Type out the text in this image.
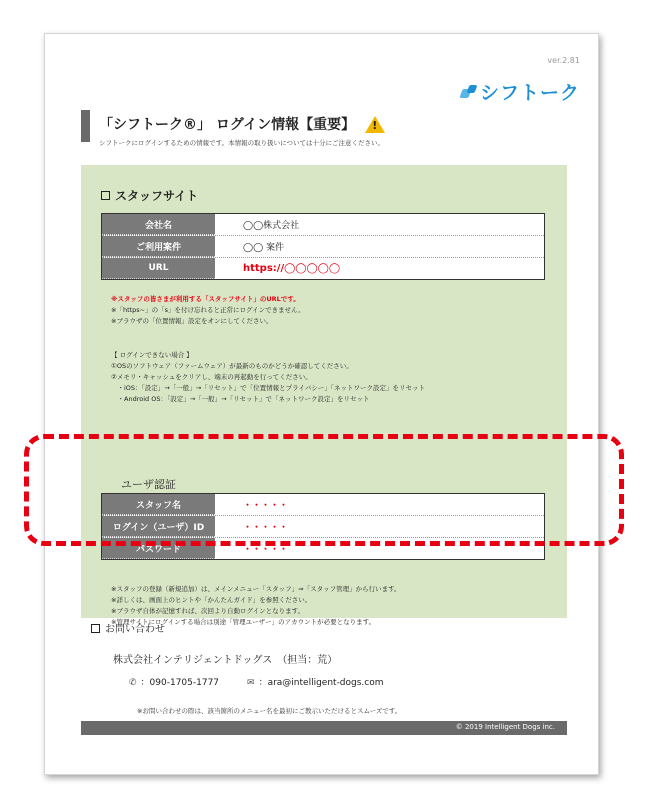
ver.2.81
シフトーク
「シフトーク®」 ログイン情報【重要】 !
シフトークにログインするための情報です。本情報の取り扱いについては十分にご注意ください。
スタッフサイト
会社名	◯◯株式会社
ご利用案件	◯◯ 案件
URL	https://◯◯◯◯◯

※スタッフの皆さまが利用する「スタッフサイト」のURLです。

※「https~」の「s」を付け忘れると正常にログインできません。

※ブラウザの「位置情報」設定をオンにしてください。

【 ログインできない場合 】

①OSのソフトウェア（ファームウェア）が最新のものかどうか確認してください。

②メモリ・キャッシュをクリアし、端末の再起動を行ってください。

　・iOS：「設定」→「一般」→「リセット」で「位置情報とプライバシー」「ネットワーク設定」をリセット

　・Android OS：「設定」→「一般」→「リセット」で「ネットワーク設定」をリセット

ユーザ認証
スタッフ名	・・・・・
ログイン（ユーザ）ID	・・・・・
パスワード	・・・・・

※スタッフの登録（新規追加）は、メインメニュー「スタッフ」⇒「スタッフ管理」から行います。

※詳しくは、画面上のヒントや「かんたんガイド」を参照ください。

※ブラウザ自体が記憶すれば、次回より自動ログインとなります。

※管理サイトにログインする場合は別途「管理ユーザー」のアカウントが必要となります。

お問い合わせ
株式会社インテリジェントドッグス　（担当：荒）
✆ ：090-1705-1777	✉ ：ara@intelligent-dogs.com
※お問い合わせの際は、該当箇所のメニュー名を最初にご教示いただけるとスムーズです。
© 2019 Intelligent Dogs inc.
